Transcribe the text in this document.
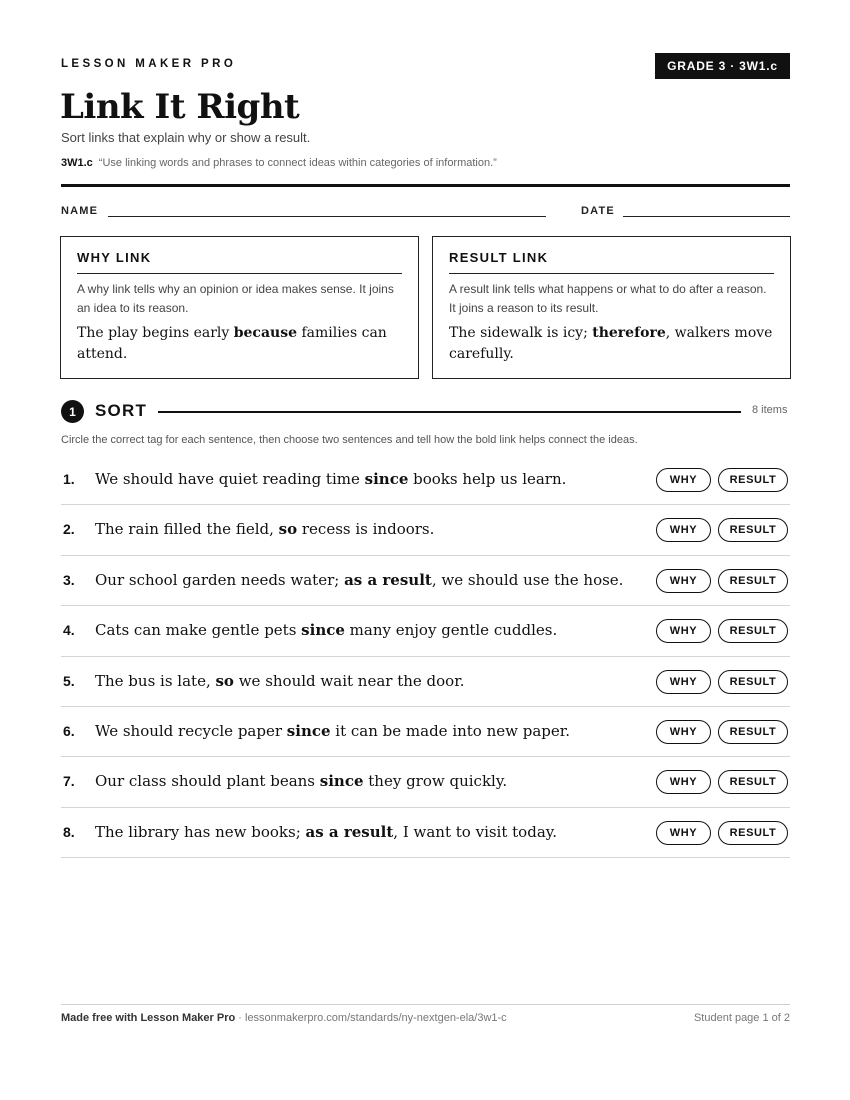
LESSON MAKER PRO	GRADE 3 · 3W1.c
Link It Right
Sort links that explain why or show a result.
3W1.c “Use linking words and phrases to connect ideas within categories of information.”
NAME	DATE
WHY LINK
A why link tells why an opinion or idea makes sense. It joins an idea to its reason.
The play begins early because families can attend.
RESULT LINK
A result link tells what happens or what to do after a reason. It joins a reason to its result.
The sidewalk is icy; therefore, walkers move carefully.
1	SORT	8 items
Circle the correct tag for each sentence, then choose two sentences and tell how the bold link helps connect the ideas.
1. We should have quiet reading time since books help us learn.	WHY	RESULT
2. The rain filled the field, so recess is indoors.	WHY	RESULT
3. Our school garden needs water; as a result, we should use the hose.	WHY	RESULT
4. Cats can make gentle pets since many enjoy gentle cuddles.	WHY	RESULT
5. The bus is late, so we should wait near the door.	WHY	RESULT
6. We should recycle paper since it can be made into new paper.	WHY	RESULT
7. Our class should plant beans since they grow quickly.	WHY	RESULT
8. The library has new books; as a result, I want to visit today.	WHY	RESULT
Made free with Lesson Maker Pro · lessonmakerpro.com/standards/ny-nextgen-ela/3w1-c	Student page 1 of 2
